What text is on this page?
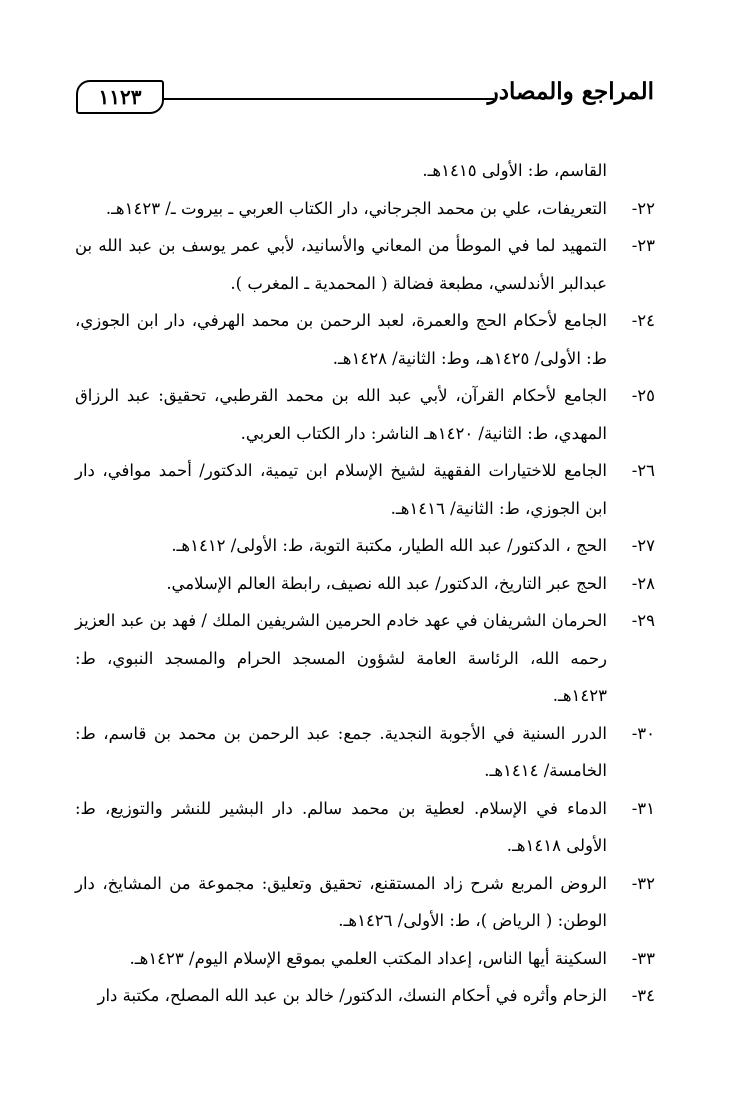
المراجع والمصادر
١١٢٣
القاسم، ط: الأولى ١٤١٥هـ.
٢٢-
التعريفات، علي بن محمد الجرجاني، دار الكتاب العربي ـ بيروت ـ/ ١٤٢٣هـ.
٢٣-
التمهيد لما في الموطأ من المعاني والأسانيد، لأبي عمر يوسف بن عبد الله بن عبدالبر الأندلسي، مطبعة فضالة ( المحمدية ـ المغرب ).
٢٤-
الجامع لأحكام الحج والعمرة، لعبد الرحمن بن محمد الهرفي، دار ابن الجوزي، ط: الأولى/ ١٤٢٥هـ، وط: الثانية/ ١٤٢٨هـ.
٢٥-
الجامع لأحكام القرآن، لأبي عبد الله بن محمد القرطبي، تحقيق: عبد الرزاق المهدي، ط: الثانية/ ١٤٢٠هـ الناشر: دار الكتاب العربي.
٢٦-
الجامع للاختيارات الفقهية لشيخ الإسلام ابن تيمية، الدكتور/ أحمد موافي، دار ابن الجوزي، ط: الثانية/ ١٤١٦هـ.
٢٧-
الحج ، الدكتور/ عبد الله الطيار، مكتبة التوبة، ط: الأولى/ ١٤١٢هـ.
٢٨-
الحج عبر التاريخ، الدكتور/ عبد الله نصيف، رابطة العالم الإسلامي.
٢٩-
الحرمان الشريفان في عهد خادم الحرمين الشريفين الملك / فهد بن عبد العزيز رحمه الله، الرئاسة العامة لشؤون المسجد الحرام والمسجد النبوي، ط: ١٤٢٣هـ.
٣٠-
الدرر السنية في الأجوبة النجدية. جمع: عبد الرحمن بن محمد بن قاسم، ط: الخامسة/ ١٤١٤هـ.
٣١-
الدماء في الإسلام. لعطية بن محمد سالم. دار البشير للنشر والتوزيع، ط: الأولى ١٤١٨هـ.
٣٢-
الروض المربع شرح زاد المستقنع، تحقيق وتعليق: مجموعة من المشايخ، دار الوطن: ( الرياض )، ط: الأولى/ ١٤٢٦هـ.
٣٣-
السكينة أيها الناس، إعداد المكتب العلمي بموقع الإسلام اليوم/ ١٤٢٣هـ.
٣٤-
الزحام وأثره في أحكام النسك، الدكتور/ خالد بن عبد الله المصلح، مكتبة دار
